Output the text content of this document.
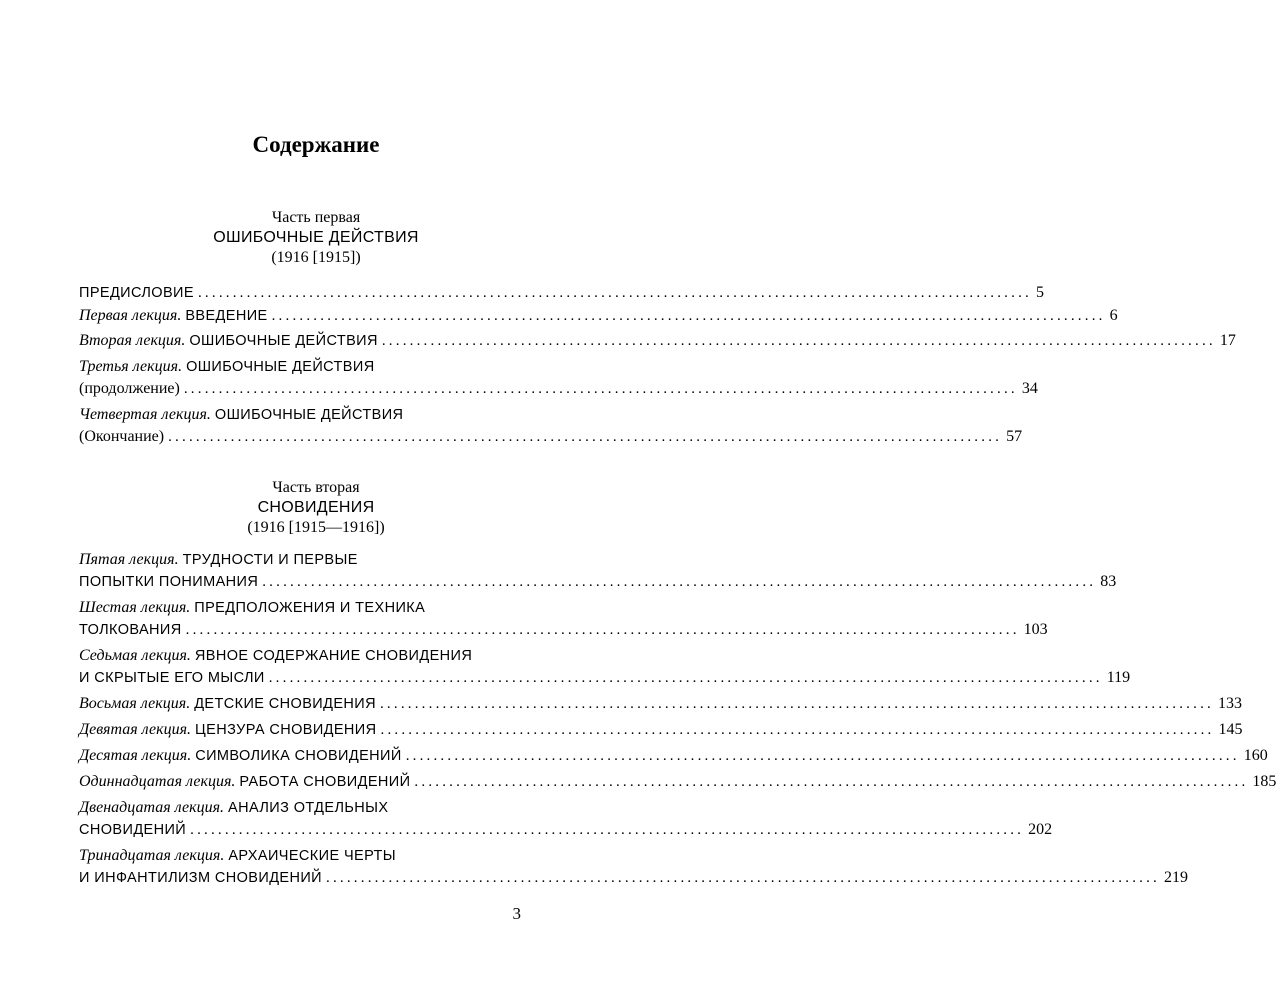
Содержание
Часть первая
ОШИБОЧНЫЕ ДЕЙСТВИЯ
(1916 [1915])
ПРЕДИСЛОВИЕ ........................................................................................................................ 5
Первая лекция. ВВЕДЕНИЕ ........................................................................................................................ 6
Вторая лекция. ОШИБОЧНЫЕ ДЕЙСТВИЯ ........................................................................................................................ 17
Третья лекция. ОШИБОЧНЫЕ ДЕЙСТВИЯ
(продолжение) ........................................................................................................................ 34
Четвертая лекция. ОШИБОЧНЫЕ ДЕЙСТВИЯ
(Окончание) ........................................................................................................................ 57
Часть вторая
СНОВИДЕНИЯ
(1916 [1915—1916])
Пятая лекция. ТРУДНОСТИ И ПЕРВЫЕ
ПОПЫТКИ ПОНИМАНИЯ ........................................................................................................................ 83
Шестая лекция. ПРЕДПОЛОЖЕНИЯ И ТЕХНИКА
ТОЛКОВАНИЯ ........................................................................................................................ 103
Седьмая лекция. ЯВНОЕ СОДЕРЖАНИЕ СНОВИДЕНИЯ
И СКРЫТЫЕ ЕГО МЫСЛИ ........................................................................................................................ 119
Восьмая лекция. ДЕТСКИЕ СНОВИДЕНИЯ ........................................................................................................................ 133
Девятая лекция. ЦЕНЗУРА СНОВИДЕНИЯ ........................................................................................................................ 145
Десятая лекция. СИМВОЛИКА СНОВИДЕНИЙ ........................................................................................................................ 160
Одиннадцатая лекция. РАБОТА СНОВИДЕНИЙ ........................................................................................................................ 185
Двенадцатая лекция. АНАЛИЗ ОТДЕЛЬНЫХ
СНОВИДЕНИЙ ........................................................................................................................ 202
Тринадцатая лекция. АРХАИЧЕСКИЕ ЧЕРТЫ
И ИНФАНТИЛИЗМ СНОВИДЕНИЙ ........................................................................................................................ 219
3
